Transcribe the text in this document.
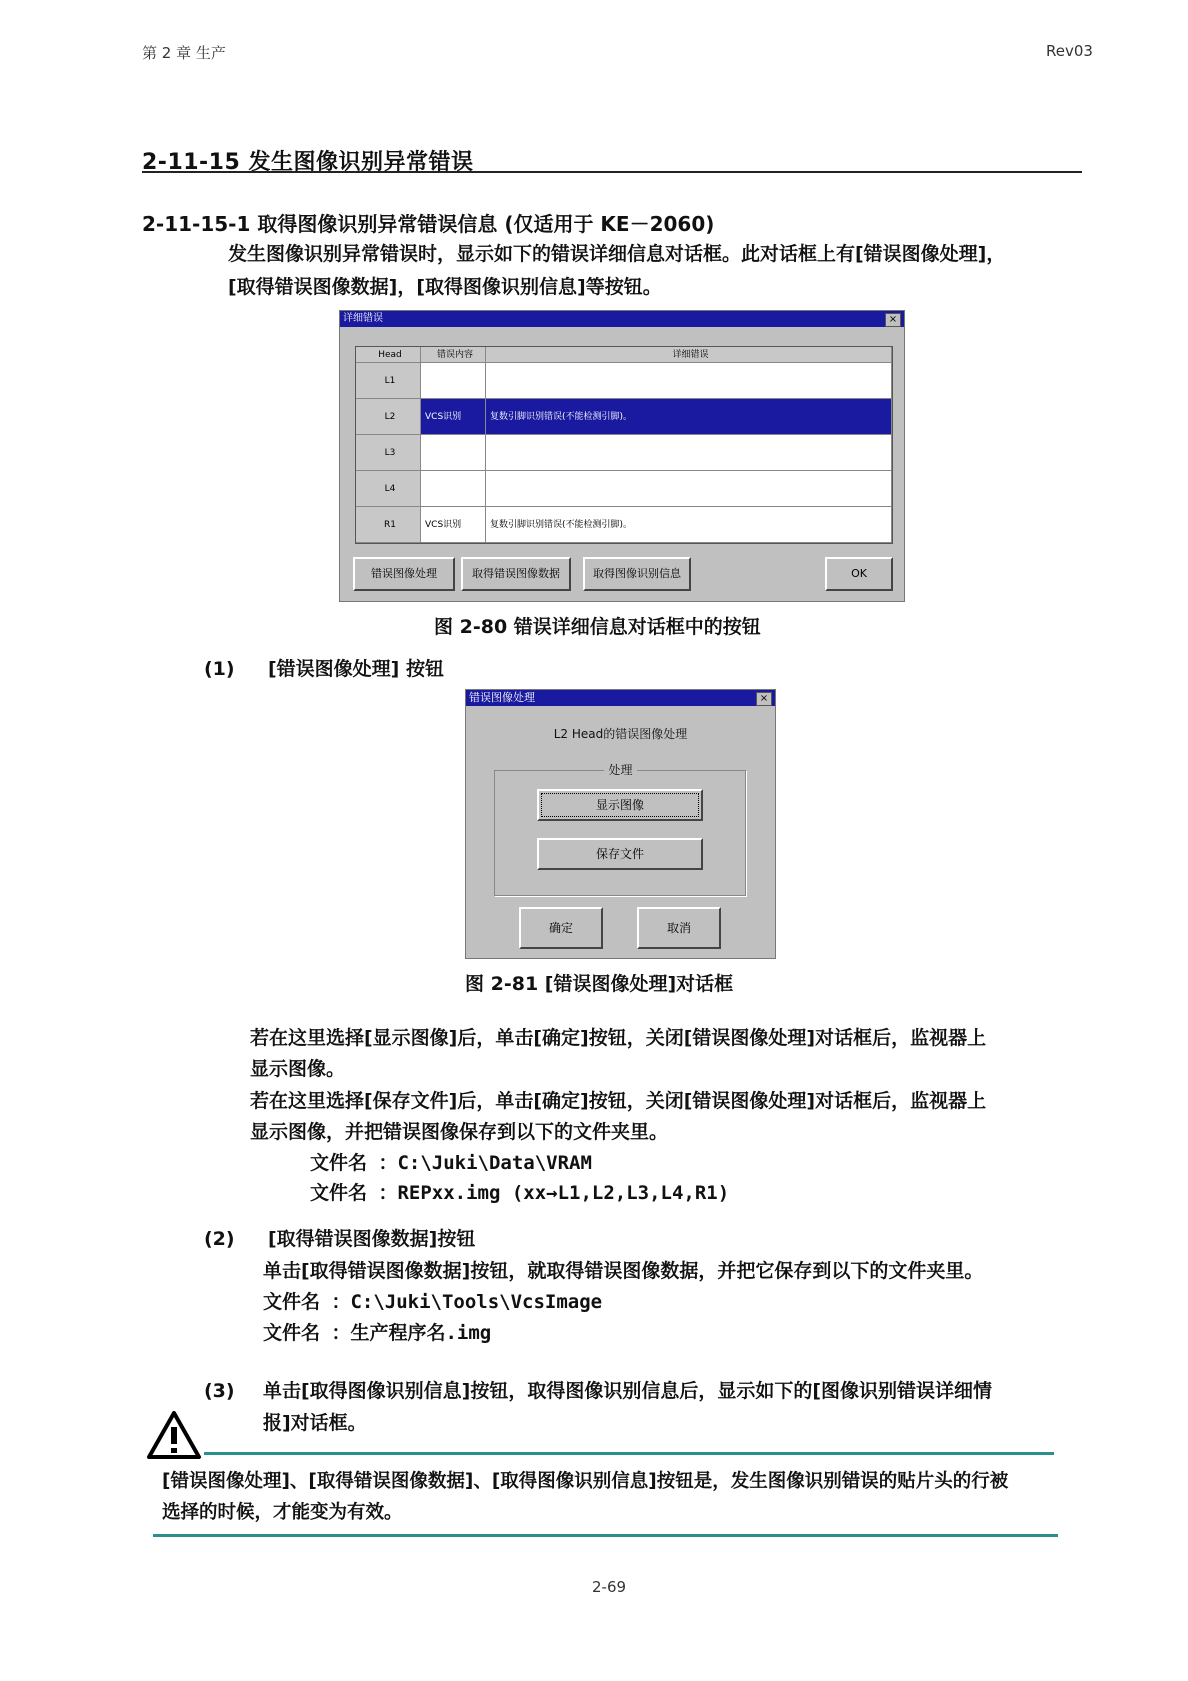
第 2 章 生产	Rev03
2-11-15 发生图像识别异常错误
2-11-15-1 取得图像识别异常错误信息 (仅适用于 KE－2060)
发生图像识别异常错误时，显示如下的错误详细信息对话框。此对话框上有[错误图像处理]，
[取得错误图像数据]，[取得图像识别信息]等按钮。
详细错误	×
Head	错误内容	详细错误
L1
L2	VCS识别	复数引脚识别错误(不能检测引脚)。
L3
L4
R1	VCS识别	复数引脚识别错误(不能检测引脚)。
错误图像处理	取得错误图像数据	取得图像识别信息	OK
图 2-80 错误详细信息对话框中的按钮
(1) [错误图像处理] 按钮
错误图像处理	×
L2 Head的错误图像处理
处理
显示图像
保存文件
确定	取消
图 2-81 [错误图像处理]对话框
若在这里选择[显示图像]后，单击[确定]按钮，关闭[错误图像处理]对话框后，监视器上
显示图像。
若在这里选择[保存文件]后，单击[确定]按钮，关闭[错误图像处理]对话框后，监视器上
显示图像，并把错误图像保存到以下的文件夹里。
文件名 ：C:\Juki\Data\VRAM
文件名 ：REPxx.img (xx→L1,L2,L3,L4,R1)
(2) [取得错误图像数据]按钮
单击[取得错误图像数据]按钮，就取得错误图像数据，并把它保存到以下的文件夹里。
文件名 ：C:\Juki\Tools\VcsImage
文件名 ：生产程序名.img
(3) 单击[取得图像识别信息]按钮，取得图像识别信息后，显示如下的[图像识别错误详细情
报]对话框。
[错误图像处理]、[取得错误图像数据]、[取得图像识别信息]按钮是，发生图像识别错误的贴片头的行被
选择的时候，才能变为有效。
2-69
